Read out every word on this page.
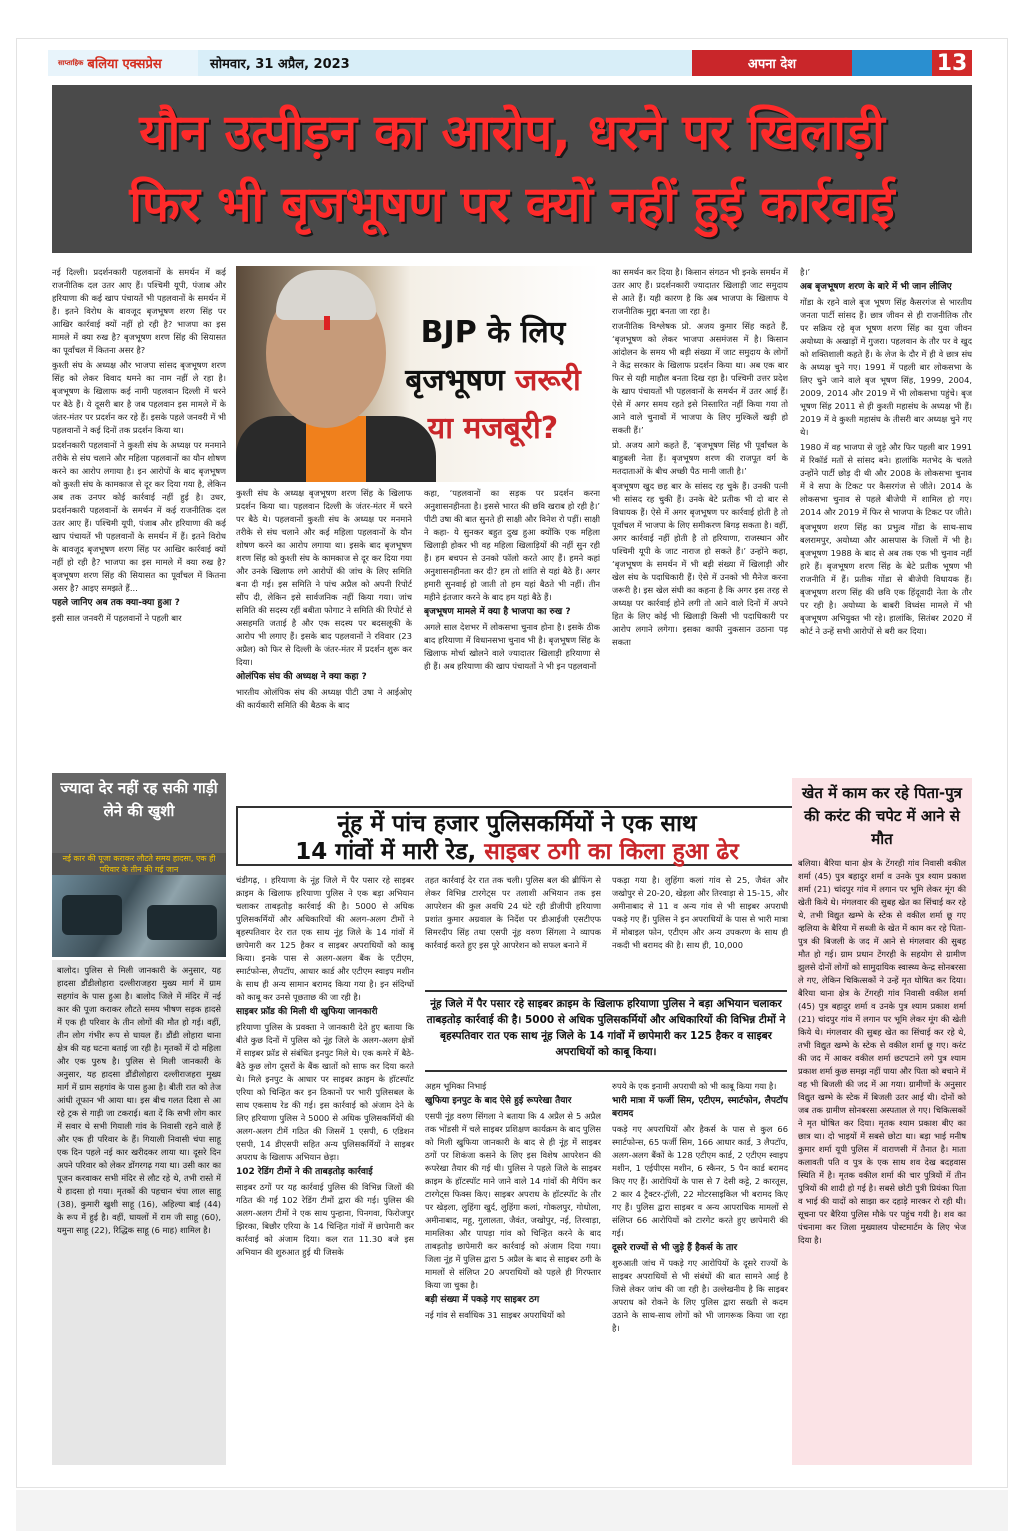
साप्ताहिक बलिया एक्सप्रेस	सोमवार, 31 अप्रैल, 2023	अपना देश	13
यौन उत्पीड़न का आरोप, धरने पर खिलाड़ी
फिर भी बृजभूषण पर क्यों नहीं हुई कार्रवाई

नई दिल्ली। प्रदर्शनकारी पहलवानों के समर्थन में कई राजनीतिक दल उतर आए हैं। पश्चिमी यूपी, पंजाब और हरियाणा की कई खाप पंचायतें भी पहलवानों के समर्थन में हैं। इतने विरोध के बावजूद बृजभूषण शरण सिंह पर आखिर कार्रवाई क्यों नहीं हो रही है? भाजपा का इस मामले में क्या रुख है? बृजभूषण शरण सिंह की सियासत का पूर्वांचल में कितना असर है?

कुश्ती संघ के अध्यक्ष और भाजपा सांसद बृजभूषण शरण सिंह को लेकर विवाद थमने का नाम नहीं ले रहा है। बृजभूषण के खिलाफ कई नामी पहलवान दिल्ली में धरने पर बैठे हैं। ये दूसरी बार है जब पहलवान इस मामले में के जंतर-मंतर पर प्रदर्शन कर रहे हैं। इसके पहले जनवरी में भी पहलवानों ने कई दिनों तक प्रदर्शन किया था।

प्रदर्शनकारी पहलवानों ने कुश्ती संघ के अध्यक्ष पर मनमाने तरीके से संघ चलाने और महिला पहलवानों का यौन शोषण करने का आरोप लगाया है। इन आरोपों के बाद बृजभूषण को कुश्ती संघ के कामकाज से दूर कर दिया गया है, लेकिन अब तक उनपर कोई कार्रवाई नहीं हुई है। उधर, प्रदर्शनकारी पहलवानों के समर्थन में कई राजनीतिक दल उतर आए हैं। पश्चिमी यूपी, पंजाब और हरियाणा की कई खाप पंचायतें भी पहलवानों के समर्थन में हैं। इतने विरोध के बावजूद बृजभूषण शरण सिंह पर आखिर कार्रवाई क्यों नहीं हो रही है? भाजपा का इस मामले में क्या रुख है? बृजभूषण शरण सिंह की सियासत का पूर्वांचल में कितना असर है? आइए समझते हैं...

पहले जानिए अब तक क्या-क्या हुआ ?

इसी साल जनवरी में पहलवानों ने पहली बार

BJP के लिए
बृजभूषण जरूरी
या मजबूरी?

कुश्ती संघ के अध्यक्ष बृजभूषण शरण सिंह के खिलाफ प्रदर्शन किया था। पहलवान दिल्ली के जंतर-मंतर में धरने पर बैठे थे। पहलवानों कुश्ती संघ के अध्यक्ष पर मनमाने तरीके से संघ चलाने और कई महिला पहलवानों के यौन शोषण करने का आरोप लगाया था। इसके बाद बृजभूषण शरण सिंह को कुश्ती संघ के कामकाज से दूर कर दिया गया और उनके खिलाफ लगे आरोपों की जांच के लिए समिति बना दी गई। इस समिति ने पांच अप्रैल को अपनी रिपोर्ट सौंप दी, लेकिन इसे सार्वजनिक नहीं किया गया। जांच समिति की सदस्य रहीं बबीता फोगाट ने समिति की रिपोर्ट से असहमति जताई है और एक सदस्य पर बदसलूकी के आरोप भी लगाए हैं। इसके बाद पहलवानों ने रविवार (23 अप्रैल) को फिर से दिल्ली के जंतर-मंतर में प्रदर्शन शुरू कर दिया।

ओलंपिक संघ की अध्यक्ष ने क्या कहा ?

भारतीय ओलंपिक संघ की अध्यक्ष पीटी उषा ने आईओए की कार्यकारी समिति की बैठक के बाद

कहा, ‘पहलवानों का सड़क पर प्रदर्शन करना अनुशासनहीनता है। इससे भारत की छवि खराब हो रही है।’ पीटी उषा की बात सुनते ही साक्षी और विनेश रो पड़ीं। साक्षी ने कहा- ये सुनकर बहुत दुख हुआ क्योंकि एक महिला खिलाड़ी होकर भी वह महिला खिलाड़ियों की नहीं सुन रही हैं। हम बचपन से उनको फॉलो करते आए हैं। हमने कहां अनुशासनहीनता कर दी? हम तो शांति से यहां बैठे हैं। अगर हमारी सुनवाई हो जाती तो हम यहां बैठते भी नहीं। तीन महीने इंतजार करने के बाद हम यहां बैठे हैं।

बृजभूषण मामले में क्या है भाजपा का रुख ?

अगले साल देशभर में लोकसभा चुनाव होना है। इसके ठीक बाद हरियाणा में विधानसभा चुनाव भी है। बृजभूषण सिंह के खिलाफ मोर्चा खोलने वाले ज्यादातर खिलाड़ी हरियाणा से ही हैं। अब हरियाणा की खाप पंचायतों ने भी इन पहलवानों

का समर्थन कर दिया है। किसान संगठन भी इनके समर्थन में उतर आए हैं। प्रदर्शनकारी ज्यादातर खिलाड़ी जाट समुदाय से आते हैं। यही कारण है कि अब भाजपा के खिलाफ ये राजनीतिक मुद्दा बनता जा रहा है।

राजनीतिक विश्लेषक प्रो. अजय कुमार सिंह कहते हैं, ‘बृजभूषण को लेकर भाजपा असमंजस में है। किसान आंदोलन के समय भी बड़ी संख्या में जाट समुदाय के लोगों ने केंद्र सरकार के खिलाफ प्रदर्शन किया था। अब एक बार फिर से यही माहौल बनता दिख रहा है। पश्चिमी उत्तर प्रदेश के खाप पंचायतों भी पहलवानों के समर्थन में उतर आई हैं। ऐसे में अगर समय रहते इसे निस्तारित नहीं किया गया तो आने वाले चुनावों में भाजपा के लिए मुश्किलें खड़ी हो सकती हैं।’

प्रो. अजय आगे कहते हैं, ‘बृजभूषण सिंह भी पूर्वांचल के बाहुबली नेता हैं। बृजभूषण शरण की राजपूत वर्ग के मतदाताओं के बीच अच्छी पैठ मानी जाती है।’

बृजभूषण खुद छह बार के सांसद रह चुके हैं। उनकी पत्नी भी सांसद रह चुकी हैं। उनके बेटे प्रतीक भी दो बार से विधायक हैं। ऐसे में अगर बृजभूषण पर कार्रवाई होती है तो पूर्वांचल में भाजपा के लिए समीकरण बिगड़ सकता है। वहीं, अगर कार्रवाई नहीं होती है तो हरियाणा, राजस्थान और पश्चिमी यूपी के जाट नाराज हो सकते हैं।’ उन्होंने कहा, ‘बृजभूषण के समर्थन में भी बड़ी संख्या में खिलाड़ी और खेल संघ के पदाधिकारी हैं। ऐसे में उनको भी मैनेज करना जरूरी है। इस खेल संघी का कहना है कि अगर इस तरह से अध्यक्ष पर कार्रवाई होने लगी तो आने वाले दिनों में अपने हित के लिए कोई भी खिलाड़ी किसी भी पदाधिकारी पर आरोप लगाने लगेगा। इसका काफी नुकसान उठाना पड़ सकता

है।’

अब बृजभूषण शरण के बारे में भी जान लीजिए

गोंडा के रहने वाले बृज भूषण सिंह कैसरगंज से भारतीय जनता पार्टी सांसद हैं। छात्र जीवन से ही राजनीतिक तौर पर सक्रिय रहे बृज भूषण शरण सिंह का युवा जीवन अयोध्या के अखाड़ों में गुजरा। पहलवान के तौर पर वे खुद को शक्तिशाली कहते हैं। के लेज के दौर में ही वे छात्र संघ के अध्यक्ष चुने गए। 1991 में पहली बार लोकसभा के लिए चुने जाने वाले बृज भूषण सिंह, 1999, 2004, 2009, 2014 और 2019 में भी लोकसभा पहुंचे। बृज भूषण सिंह 2011 से ही कुश्ती महासंघ के अध्यक्ष भी हैं। 2019 में वे कुश्ती महासंघ के तीसरी बार अध्यक्ष चुने गए थे।

1980 में वह भाजपा से जुड़े और फिर पहली बार 1991 में रिकॉर्ड मतों से सांसद बने। हालांकि मतभेद के चलते उन्होंने पार्टी छोड़ दी थी और 2008 के लोकसभा चुनाव में वे सपा के टिकट पर कैसरगंज से जीते। 2014 के लोकसभा चुनाव से पहले बीजेपी में शामिल हो गए। 2014 और 2019 में फिर से भाजपा के टिकट पर जीते।

बृजभूषण शरण सिंह का प्रभुत्व गोंडा के साथ-साथ बलरामपुर, अयोध्या और आसपास के जिलों में भी है। बृजभूषण 1988 के बाद से अब तक एक भी चुनाव नहीं हारे हैं। बृजभूषण शरण सिंह के बेटे प्रतीक भूषण भी राजनीति में हैं। प्रतीक गोंडा से बीजेपी विधायक हैं। बृजभूषण शरण सिंह की छवि एक हिंदूवादी नेता के तौर पर रही है। अयोध्या के बाबरी विध्वंस मामले में भी बृजभूषण अभियुक्त भी रहे। हालांकि, सितंबर 2020 में कोर्ट ने उन्हें सभी आरोपों से बरी कर दिया।

ज्यादा देर नहीं रह सकी गाड़ी लेने की खुशी
नई कार की पूजा कराकर लौटते समय हादसा, एक ही परिवार के तीन की गई जान
बालोद। पुलिस से मिली जानकारी के अनुसार, यह हादसा डौंडीलोहारा दल्लीराजहरा मुख्य मार्ग में ग्राम सहगांव के पास हुआ है। बालोद जिले में मंदिर में नई कार की पूजा कराकर लौटते समय भीषण सड़क हादसे में एक ही परिवार के तीन लोगों की मौत हो गई। वहीं, तीन लोग गंभीर रूप से घायल हैं। डौंडी लोहारा थाना क्षेत्र की यह घटना बताई जा रही है। मृतकों में दो महिला और एक पुरुष है। पुलिस से मिली जानकारी के अनुसार, यह हादसा डौंडीलोहारा दल्लीराजहरा मुख्य मार्ग में ग्राम सहगांव के पास हुआ है। बीती रात को तेज आंधी तूफान भी आया था। इस बीच गलत दिशा से आ रहे ट्रक से गाड़ी जा टकराई। बता दें कि सभी लोग कार में सवार थे सभी गियाली गांव के निवासी रहने वाले हैं और एक ही परिवार के हैं। गियाली निवासी चंपा साहू एक दिन पहले नई कार खरीदकर लाया था। दूसरे दिन अपने परिवार को लेकर डोंगरगढ़ गया था। उसी कार का पूजन करवाकर सभी मंदिर से लौट रहे थे, तभी रास्ते में ये हादसा हो गया। मृतकों की पहचान चंपा लाल साहू (38), कुमारी खुशी साहू (16), अहिल्या बाई (44) के रूप में हुई है। वहीं, घायलों में राम जी साहू (60), यमुना साहू (22), रिद्धिक साहू (6 माह) शामिल है।
नूंह में पांच हजार पुलिसकर्मियों ने एक साथ
14 गांवों में मारी रेड, साइबर ठगी का किला हुआ ढेर

चंडीगढ़, । हरियाणा के नूंह जिले में पैर पसार रहे साइबर क्राइम के खिलाफ हरियाणा पुलिस ने एक बड़ा अभियान चलाकर ताबड़तोड़ कार्रवाई की है। 5000 से अधिक पुलिसकर्मियों और अधिकारियों की अलग-अलग टीमों ने बृहस्पतिवार देर रात एक साथ नूंह जिले के 14 गांवों में छापेमारी कर 125 हैकर व साइबर अपराधियों को काबू किया। इनके पास से अलग-अलग बैंक के एटीएम, स्मार्टफोन्स, लैपटॉप, आधार कार्ड और एटीएम स्वाइप मशीन के साथ ही अन्य सामान बरामद किया गया है। इन संदिग्धों को काबू कर उनसे पूछताछ की जा रही है।

साइबर फ्रॉड की मिली थी खुफिया जानकारी

हरियाणा पुलिस के प्रवक्ता ने जानकारी देते हुए बताया कि बीते कुछ दिनों में पुलिस को नूंह जिले के अलग-अलग क्षेत्रों में साइबर फ्रॉड से संबंधित इनपुट मिले थे। एक कमरे में बैठे-बैठे कुछ लोग दूसरों के बैंक खातों को साफ कर दिया करते थे। मिले इनपुट के आधार पर साइबर क्राइम के हॉटस्पॉट एरिया को चिन्हित कर इन ठिकानों पर भारी पुलिसबल के साथ एकसाथ रेड की गई। इस कार्रवाई को अंजाम देने के लिए हरियाणा पुलिस ने 5000 से अधिक पुलिसकर्मियों की अलग-अलग टीमें गठित की जिसमें 1 एसपी, 6 एडिशन एसपी, 14 डीएसपी सहित अन्य पुलिसकर्मियों ने साइबर अपराध के खिलाफ अभियान छेड़ा।

102 रेडिंग टीमों ने की ताबड़तोड़ कार्रवाई

साइबर ठगों पर यह कार्रवाई पुलिस की विभिन्न जिलों की गठित की गई 102 रेडिंग टीमों द्वारा की गई। पुलिस की अलग-अलग टीमों ने एक साथ पुन्हाना, पिनगवा, फिरोजपुर झिरका, बिछौर एरिया के 14 चिन्हित गांवों में छापेमारी कर कार्रवाई को अंजाम दिया। कल रात 11.30 बजे इस अभियान की शुरुआत हुई थी जिसके

तहत कार्रवाई देर रात तक चली। पुलिस बल की ब्रीफिंग से लेकर विभिन्न टारगेट्स पर तलाशी अभियान तक इस आपरेशन की कुल अवधि 24 घंटे रही डीजीपी हरियाणा प्रशांत कुमार अग्रवाल के निर्देश पर डीआईजी एसटीएफ सिमरदीप सिंह तथा एसपी नूंह वरुण सिंगला ने व्यापक कार्रवाई करते हुए इस पूरे आपरेशन को सफल बनाने में

पकड़ा गया है। लुहिंगा कलां गांव से 25, जैवंत और जखोपुर से 20-20, खेड़ला और तिरवाड़ा से 15-15, और अमीनाबाद से 11 व अन्य गांव से भी साइबर अपराधी पकड़े गए हैं। पुलिस ने इन अपराधियों के पास से भारी मात्रा में मोबाइल फोन, एटीएम और अन्य उपकरण के साथ ही नकदी भी बरामद की है। साथ ही, 10,000

नूंह जिले में पैर पसार रहे साइबर क्राइम के खिलाफ हरियाणा पुलिस ने बड़ा अभियान चलाकर ताबड़तोड़ कार्रवाई की है। 5000 से अधिक पुलिसकर्मियों और अधिकारियों की विभिन्न टीमों ने बृहस्पतिवार रात एक साथ नूंह जिले के 14 गांवों में छापेमारी कर 125 हैकर व साइबर अपराधियों को काबू किया।

अहम भूमिका निभाई

खुफिया इनपुट के बाद ऐसे हुई रूपरेखा तैयार

एसपी नूंह वरुण सिंगला ने बताया कि 4 अप्रैल से 5 अप्रैल तक भोंडसी में चले साइबर प्रशिक्षण कार्यक्रम के बाद पुलिस को मिली खुफिया जानकारी के बाद से ही नूंह में साइबर ठगों पर शिकंजा कसने के लिए इस विशेष आपरेशन की रूपरेखा तैयार की गई थी। पुलिस ने पहले जिले के साइबर क्राइम के हॉटस्पॉट माने जाने वाले 14 गांवों की मैपिंग कर टारगेट्स फिक्स किए। साइबर अपराध के हॉटस्पॉट के तौर पर खेड़ला, लुहिंगा खुर्द, लुहिंगा कलां, गोकलपुर, गोधोला, अमीनाबाद, महू, गुलालता, जैवंत, जखोपुर, नई, तिरवाड़ा, मामलिका और पापड़ा गांव को चिन्हित करने के बाद ताबड़तोड़ छापेमारी कर कार्रवाई को अंजाम दिया गया। जिला नूंह में पुलिस द्वारा 5 अप्रैल के बाद से साइबर ठगी के मामलों से संलिप्त 20 अपराधियों को पहले ही गिरफ्तार किया जा चुका है।

बड़ी संख्या में पकड़े गए साइबर ठग

नई गांव से सर्वाधिक 31 साइबर अपराधियों को

रुपये के एक इनामी अपराधी को भी काबू किया गया है।

भारी मात्रा में फर्जी सिम, एटीएम, स्मार्टफोन, लैपटॉप बरामद

पकड़े गए अपराधियों और हैकर्स के पास से कुल 66 स्मार्टफोन्स, 65 फर्जी सिम, 166 आधार कार्ड, 3 लैपटॉप, अलग-अलग बैंकों के 128 एटीएम कार्ड, 2 एटीएम स्वाइप मशीन, 1 एईपीएस मशीन, 6 स्कैनर, 5 पैन कार्ड बरामद किए गए हैं। आरोपियों के पास से 7 देसी कट्टे, 2 कारतूस, 2 कार 4 ट्रैक्टर-ट्रॉली, 22 मोटरसाइकिल भी बरामद किए गए हैं। पुलिस द्वारा साइबर व अन्य आपराधिक मामलों से संलिप्त 66 आरोपियों को टारगेट करते हुए छापेमारी की गई।

दूसरे राज्यों से भी जुड़े हैं हैकर्स के तार

शुरुआती जांच में पकड़े गए आरोपियों के दूसरे राज्यों के साइबर अपराधियों से भी संबंधों की बात सामने आई है जिसे लेकर जांच की जा रही है। उल्लेखनीय है कि साइबर अपराध को रोकने के लिए पुलिस द्वारा सख्ती से कदम उठाने के साथ-साथ लोगों को भी जागरूक किया जा रहा है।

खेत में काम कर रहे पिता-पुत्र की करंट की चपेट में आने से मौत
बलिया। बैरिया थाना क्षेत्र के टेंगरही गांव निवासी वकील शर्मा (45) पुत्र बहादुर शर्मा व उनके पुत्र श्याम प्रकाश शर्मा (21) चांदपुर गांव में लगान पर भूमि लेकर मूंग की खेती किये थे। मंगलवार की सुबह खेत का सिंचाई कर रहे थे, तभी विद्युत खम्भे के स्टेक से वकील शर्मा छू गए व्हलिया के बैरिया में सब्जी के खेत में काम कर रहे पिता-पुत्र की बिजली के जद में आने से मंगलवार की सुबह मौत हो गई। ग्राम प्रधान टेंगरही के सहयोग से ग्रामीण झुलसे दोनों लोगों को सामुदायिक स्वास्थ्य केन्द्र सोनबरसा ले गए, लेकिन चिकित्सकों ने उन्हें मृत घोषित कर दिया। बैरिया थाना क्षेत्र के टेंगरही गांव निवासी वकील शर्मा (45) पुत्र बहादुर शर्मा व उनके पुत्र श्याम प्रकाश शर्मा (21) चांदपुर गांव में लगान पर भूमि लेकर मूंग की खेती किये थे। मंगलवार की सुबह खेत का सिंचाई कर रहे थे, तभी विद्युत खम्भे के स्टेक से वकील शर्मा छू गए। करंट की जद में आकर वकील शर्मा छटपटाने लगे पुत्र श्याम प्रकाश शर्मा कुछ समझ नहीं पाया और पिता को बचाने में वह भी बिजली की जद में आ गया। ग्रामीणों के अनुसार विद्युत खम्भे के स्टेक में बिजली उतर आई थी। दोनों को जब तक ग्रामीण सोनबरसा अस्पताल ले गए। चिकित्सकों ने मृत घोषित कर दिया। मृतक श्याम प्रकाश बीए का छात्र था। दो भाइयों में सबसे छोटा था। बड़ा भाई मनीष कुमार शर्मा यूपी पुलिस में वाराणसी में तैनात है। माता कलावती पति व पुत्र के एक साथ शव देख बदहवास स्थिति में है। मृतक वकील शर्मा की चार पुत्रियों में तीन पुत्रियों की शादी हो गई है। सबसे छोटी पुत्री प्रियंका पिता व भाई की यादों को साझा कर दहाड़े मारकर रो रही थी। सूचना पर बैरिया पुलिस मौके पर पहुंच गयी है। शव का पंचनामा कर जिला मुख्यालय पोस्टमार्टम के लिए भेज दिया है।
